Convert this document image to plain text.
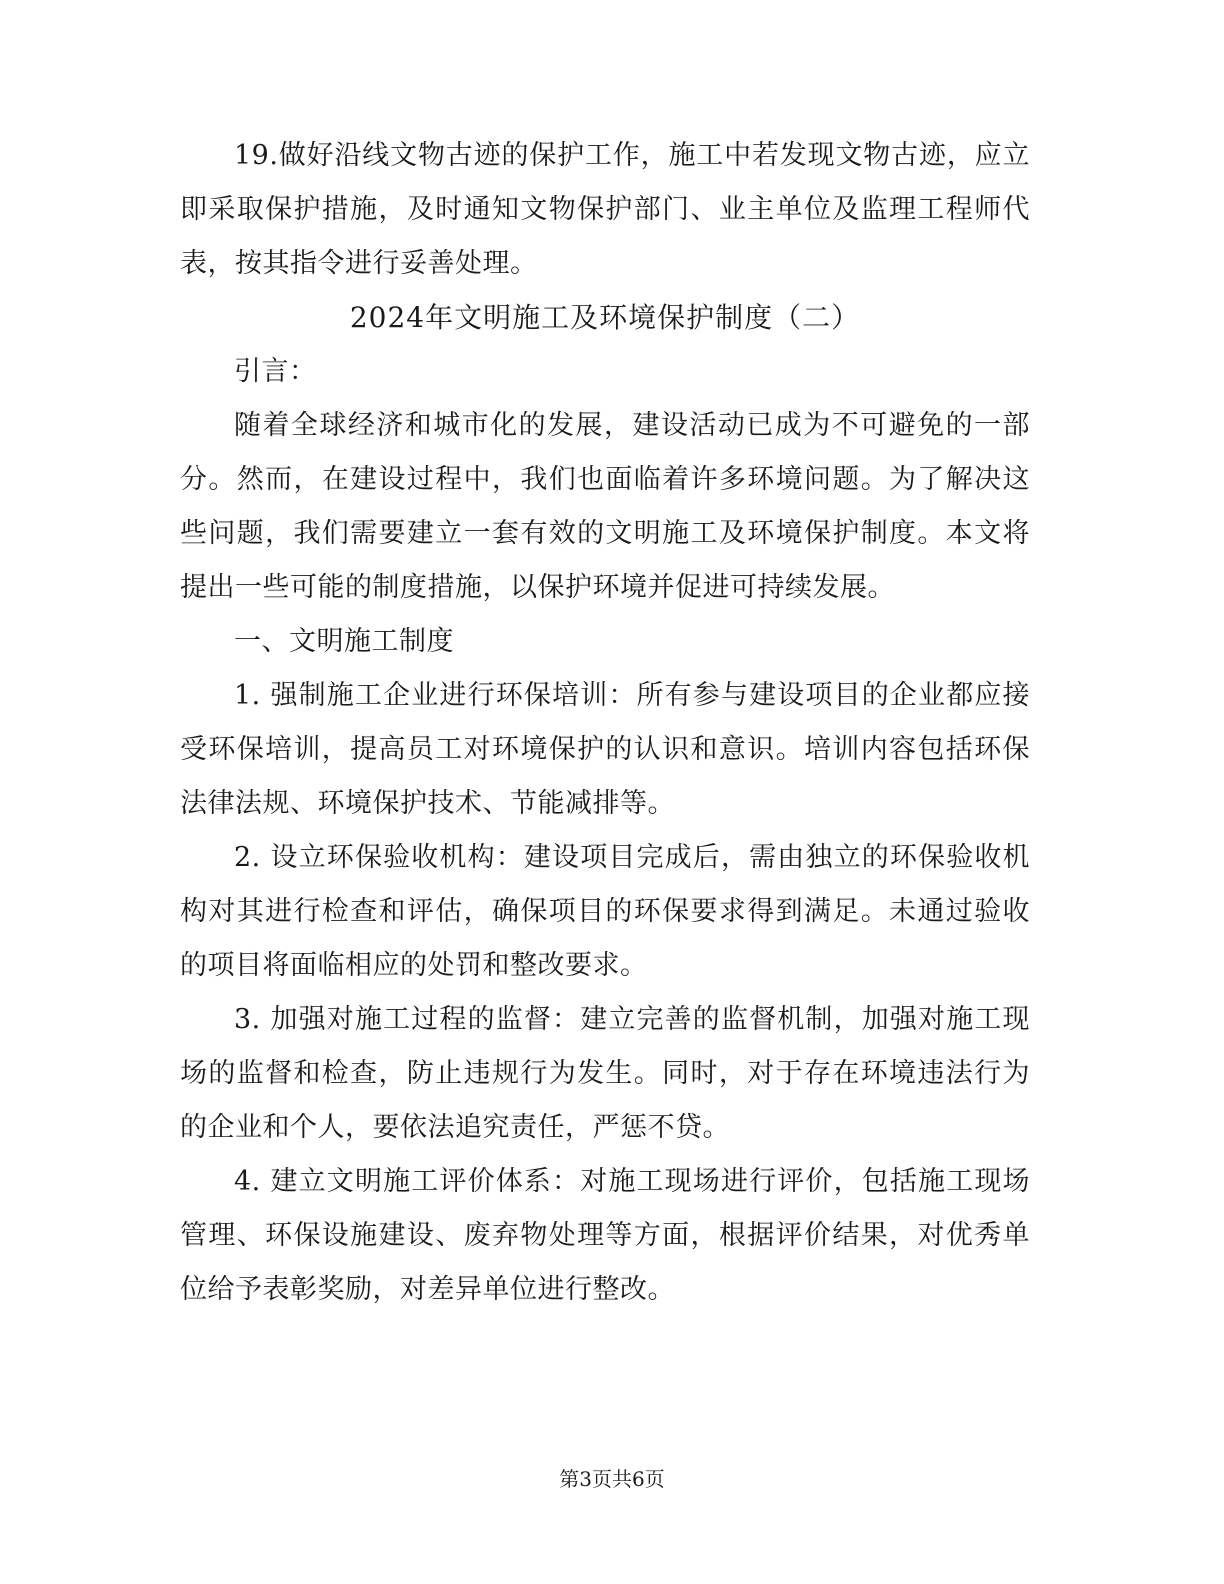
19.做好沿线文物古迹的保护工作，施工中若发现文物古迹，应立即采取保护措施，及时通知文物保护部门、业主单位及监理工程师代表，按其指令进行妥善处理。

2024年文明施工及环境保护制度（二）

引言：

随着全球经济和城市化的发展，建设活动已成为不可避免的一部分。然而，在建设过程中，我们也面临着许多环境问题。为了解决这些问题，我们需要建立一套有效的文明施工及环境保护制度。本文将提出一些可能的制度措施，以保护环境并促进可持续发展。

一、文明施工制度

1. 强制施工企业进行环保培训：所有参与建设项目的企业都应接受环保培训，提高员工对环境保护的认识和意识。培训内容包括环保法律法规、环境保护技术、节能减排等。

2. 设立环保验收机构：建设项目完成后，需由独立的环保验收机构对其进行检查和评估，确保项目的环保要求得到满足。未通过验收的项目将面临相应的处罚和整改要求。

3. 加强对施工过程的监督：建立完善的监督机制，加强对施工现场的监督和检查，防止违规行为发生。同时，对于存在环境违法行为的企业和个人，要依法追究责任，严惩不贷。

4. 建立文明施工评价体系：对施工现场进行评价，包括施工现场管理、环保设施建设、废弃物处理等方面，根据评价结果，对优秀单位给予表彰奖励，对差异单位进行整改。

第3页共6页
